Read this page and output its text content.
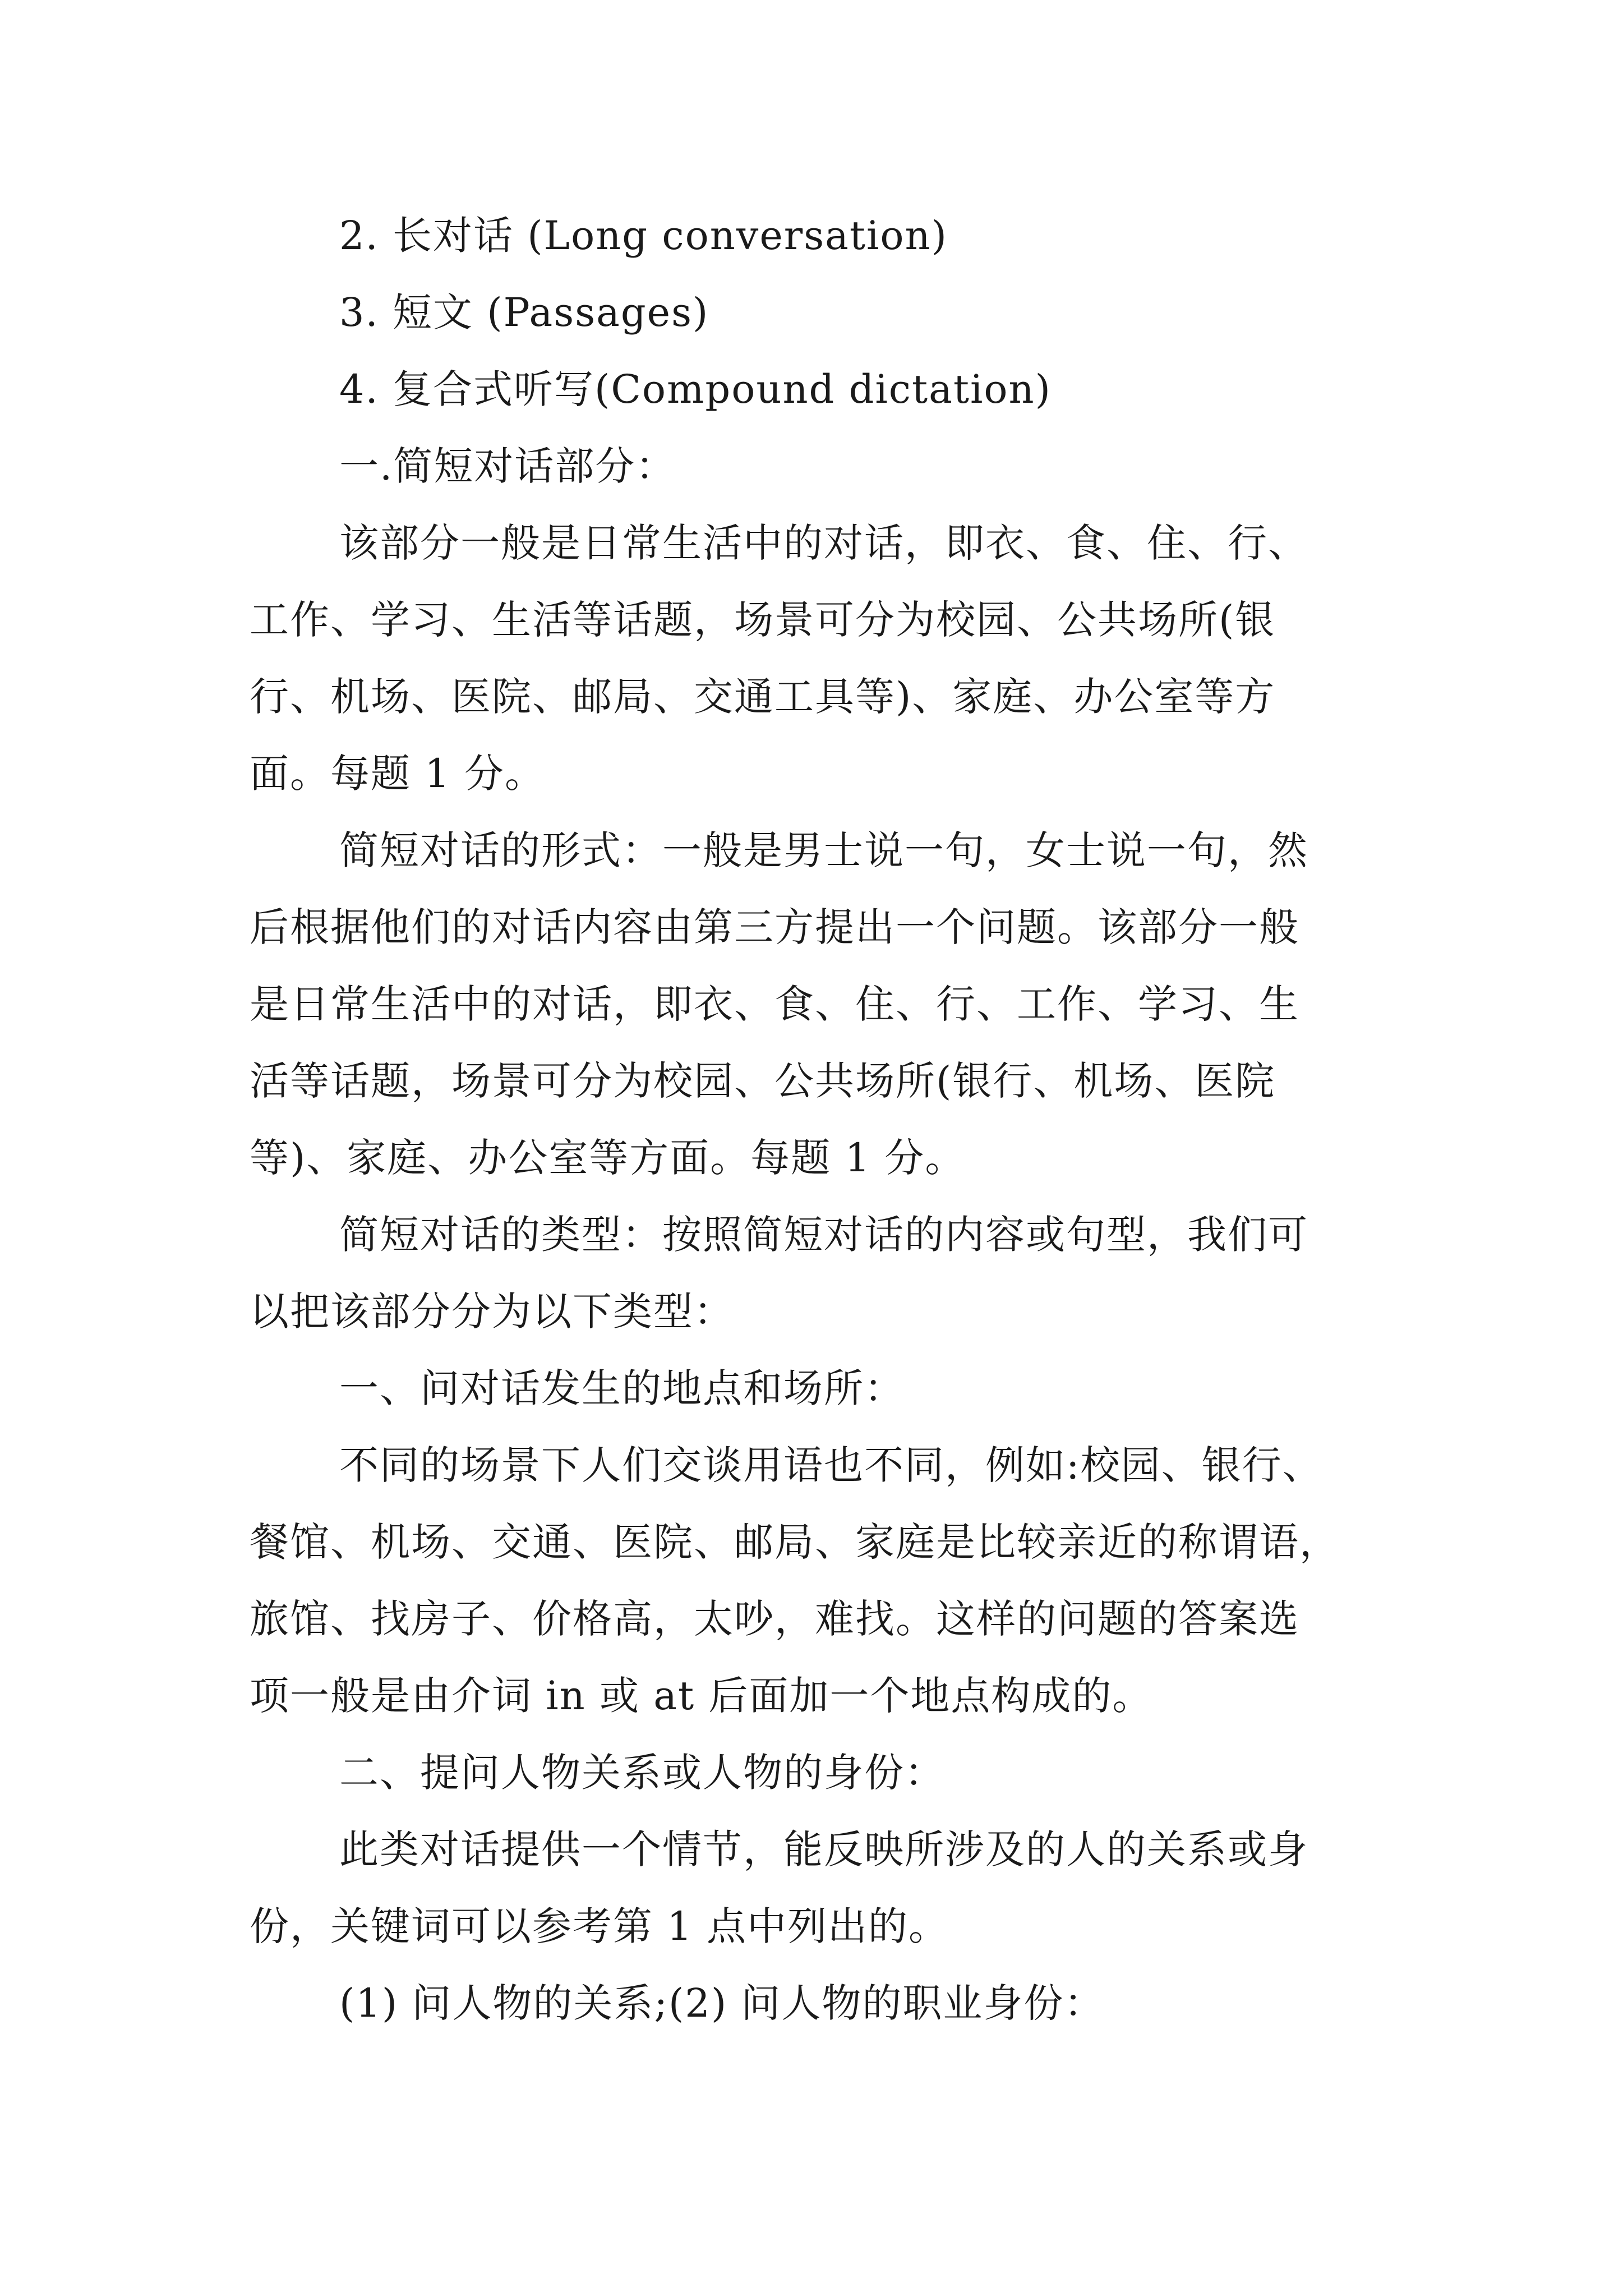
2. 长对话 (Long conversation)
3. 短文 (Passages)
4. 复合式听写(Compound dictation)
一.简短对话部分：
该部分一般是日常生活中的对话，即衣、食、住、行、
工作、学习、生活等话题，场景可分为校园、公共场所(银
行、机场、医院、邮局、交通工具等)、家庭、办公室等方
面。每题 1 分。
简短对话的形式：一般是男士说一句，女士说一句，然
后根据他们的对话内容由第三方提出一个问题。该部分一般
是日常生活中的对话，即衣、食、住、行、工作、学习、生
活等话题，场景可分为校园、公共场所(银行、机场、医院
等)、家庭、办公室等方面。每题 1 分。
简短对话的类型：按照简短对话的内容或句型，我们可
以把该部分分为以下类型：
一、问对话发生的地点和场所：
不同的场景下人们交谈用语也不同，例如:校园、银行、
餐馆、机场、交通、医院、邮局、家庭是比较亲近的称谓语，
旅馆、找房子、价格高，太吵，难找。这样的问题的答案选
项一般是由介词 in 或 at 后面加一个地点构成的。
二、提问人物关系或人物的身份：
此类对话提供一个情节，能反映所涉及的人的关系或身
份，关键词可以参考第 1 点中列出的。
(1) 问人物的关系;(2) 问人物的职业身份：
